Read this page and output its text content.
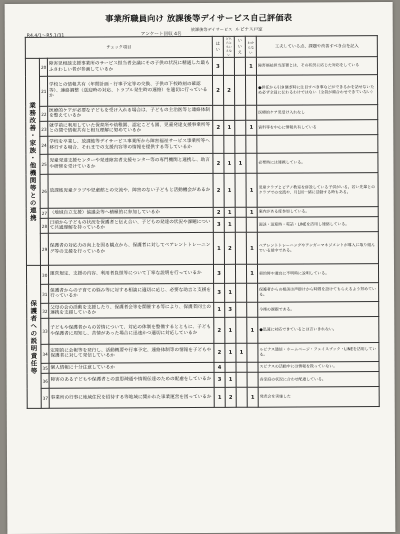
事業所職員向け 放課後等デイサービス自己評価表
R4.4/1～R5.1/31	アンケート回収 4名
放課後等デイサービス ルピナス戸室
チェック項目			はい	どちらともいえない	いいえ	わからない	工夫している点、課題や改善すべき点を記入
業務改善・家族・他機関等との連携	20	障害児相談支援事業所のサービス担当者会議にその子供の状況に精通した最もふさわしい者が参画しているか	3			1	障害福祉担当部署とは、その状況に応じた対応をしている
	21	学校との情報共有（年間計画・行事予定等の交換、子供の下校時刻の確認等）、連絡調整（送迎時の対応、トラブル発生時の連絡）を適切に行っているか	2	2			●担任から引き継ぎ時に注目すべき事などができるかを話せないため必ず全員に伝わるわけではない（全員が顔合わせできていない）
	22	医療的ケアが必要な子どもを受け入れる場合は、子どもの主治医等と連絡体制を整えているか					医療的ケア児受け入れなし
	23	就学前に利用していた保育所や幼稚園、認定こども園、児童発達支援事業所等との間で情報共有と相互理解に努めているか	2	1		1	資料等を中心に情報共有している
	24	学校を卒業し、放課後等デイサービス事業所から障害福祉サービス事業所等へ移行する場合、それまでの支援内容等の情報を提供する等しているか					
	25	児童発達支援センターや発達障害者支援センター等の専門機関と連携し、助言や研修を受けているか	2	1	1		必要時には連携している。
	26	放課後児童クラブや児童館との交流や、障害のない子どもと活動機会があるか	2	1		1	児童クラブとピアノ教室を併設している子供がいる。若い先輩とのクラブでの交流や、月1回一緒に活動する時もある。
	27	（地域自立支援）協議会等へ積極的に参加しているか	2	1		1	案内がある度参加している。
	28	日頃から子どもの状況を保護者と伝え合い、子どもの発達の状況や課題について共通理解を持っているか	3	1			面談・送迎時・電話・LINEを活用し連絡している。
	29	保護者の対応力の向上を図る観点から、保護者に対してペアレントトレーニング等の支援を行っているか	1	2		1	ペアレントトレーニングやアンガーマネジメントが導入に取り組んでいる最中である。
保護者への説明責任等	30	運営規定、支援の内容、利用者負担等について丁寧な説明を行っているか	3			1	契約時や適宜に不明時に説明している。
	31	保護者からの子育ての悩み等に対する相談に適切に応じ、必要な助言と支援を行っているか	3	1			保護者からの相談は声掛けから時間を設けてもらえるよう努めている。
	32	父母の会の活動を支援したり、保護者会等を開催する等により、保護者同士の連携を支援しているか	1	3			今後の課題である。
	33	子どもや保護者からの苦情について、対応の体制を整備するとともに、子どもや保護者に周知し、苦情があった場合に迅速かつ適切に対応しているか	2	1		1	●迅速に対応できているとは言いきれない。
	34	定期的に会報等を発行し、活動概要や行事予定、連絡体制等の情報を子どもや保護者に対して発信しているか	2	1	1		ルピナス通信・ホームページ・フェイスブック・LINEを活用している。
	35	個人情報に十分注意しているか	4				スピナスの活動中には情報を扱っていない。
	36	障害のある子どもや保護者との意思疎通や情報伝達のための配慮をしているか	3	1			各家庭の状況に合わせ配慮している。
	37	事業所の行事に地域住民を招待する等地域に開かれた事業運営を図っているか	1	2		1	発表会を実施した
